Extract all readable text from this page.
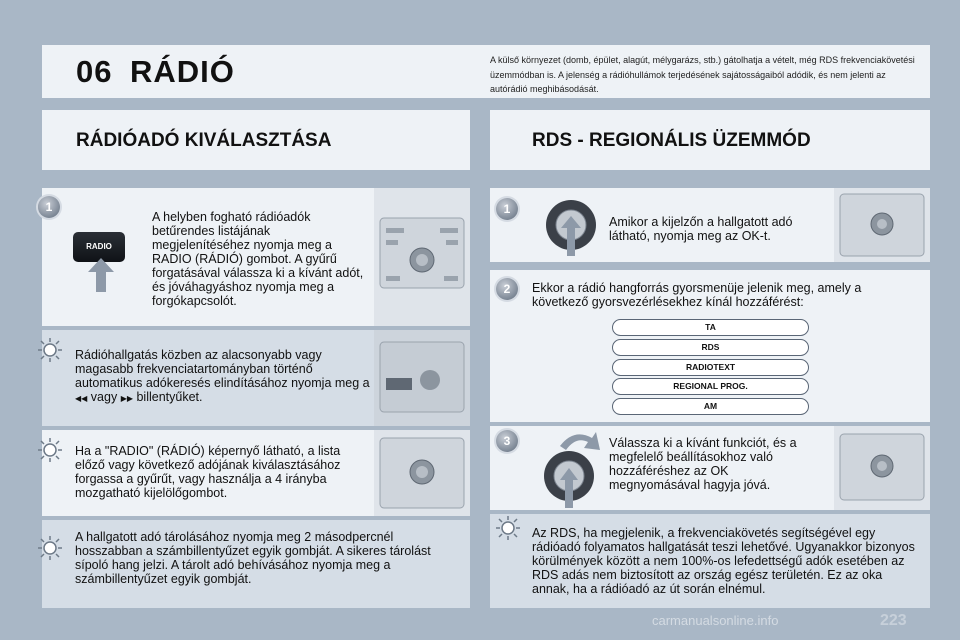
06 RÁDIÓ	A külső környezet (domb, épület, alagút, mélygarázs, stb.) gátolhatja a vételt, még RDS frekvenciakövetési üzemmódban is. A jelenség a rádióhullámok terjedésének sajátosságaiból adódik, és nem jelenti az autórádió meghibásodását.
RÁDIÓADÓ KIVÁLASZTÁSA	RDS - REGIONÁLIS ÜZEMMÓD
1
RADIO
A helyben fogható rádióadók betűrendes listájának megjelenítéséhez nyomja meg a RADIO (RÁDIÓ) gombot. A gyűrű forgatásával válassza ki a kívánt adót, és jóváhagyáshoz nyomja meg a forgókapcsolót.
Rádióhallgatás közben az alacsonyabb vagy magasabb frekvenciatartományban történő automatikus adókeresés elindításához nyomja meg a ◀◀ vagy ▶▶ billentyűket.
Ha a "RADIO" (RÁDIÓ) képernyő látható, a lista előző vagy következő adójának kiválasztásához forgassa a gyűrűt, vagy használja a 4 irányba mozgatható kijelölőgombot.
A hallgatott adó tárolásához nyomja meg 2 másodpercnél hosszabban a számbillentyűzet egyik gombját. A sikeres tárolást sípoló hang jelzi. A tárolt adó behívásához nyomja meg a számbillentyűzet egyik gombját.
1
Amikor a kijelzőn a hallgatott adó látható, nyomja meg az OK-t.
2	Ekkor a rádió hangforrás gyorsmenüje jelenik meg, amely a következő gyorsvezérlésekhez kínál hozzáférést:
TA
RDS
RADIOTEXT
REGIONAL PROG.
AM
3	Válassza ki a kívánt funkciót, és a megfelelő beállításokhoz való hozzáféréshez az OK megnyomásával hagyja jóvá.
Az RDS, ha megjelenik, a frekvenciakövetés segítségével egy rádióadó folyamatos hallgatását teszi lehetővé. Ugyanakkor bizonyos körülmények között a nem 100%-os lefedettségű adók esetében az RDS adás nem biztosított az ország egész területén. Ez az oka annak, ha a rádióadó az út során elnémul.
carmanualsonline.info	223
